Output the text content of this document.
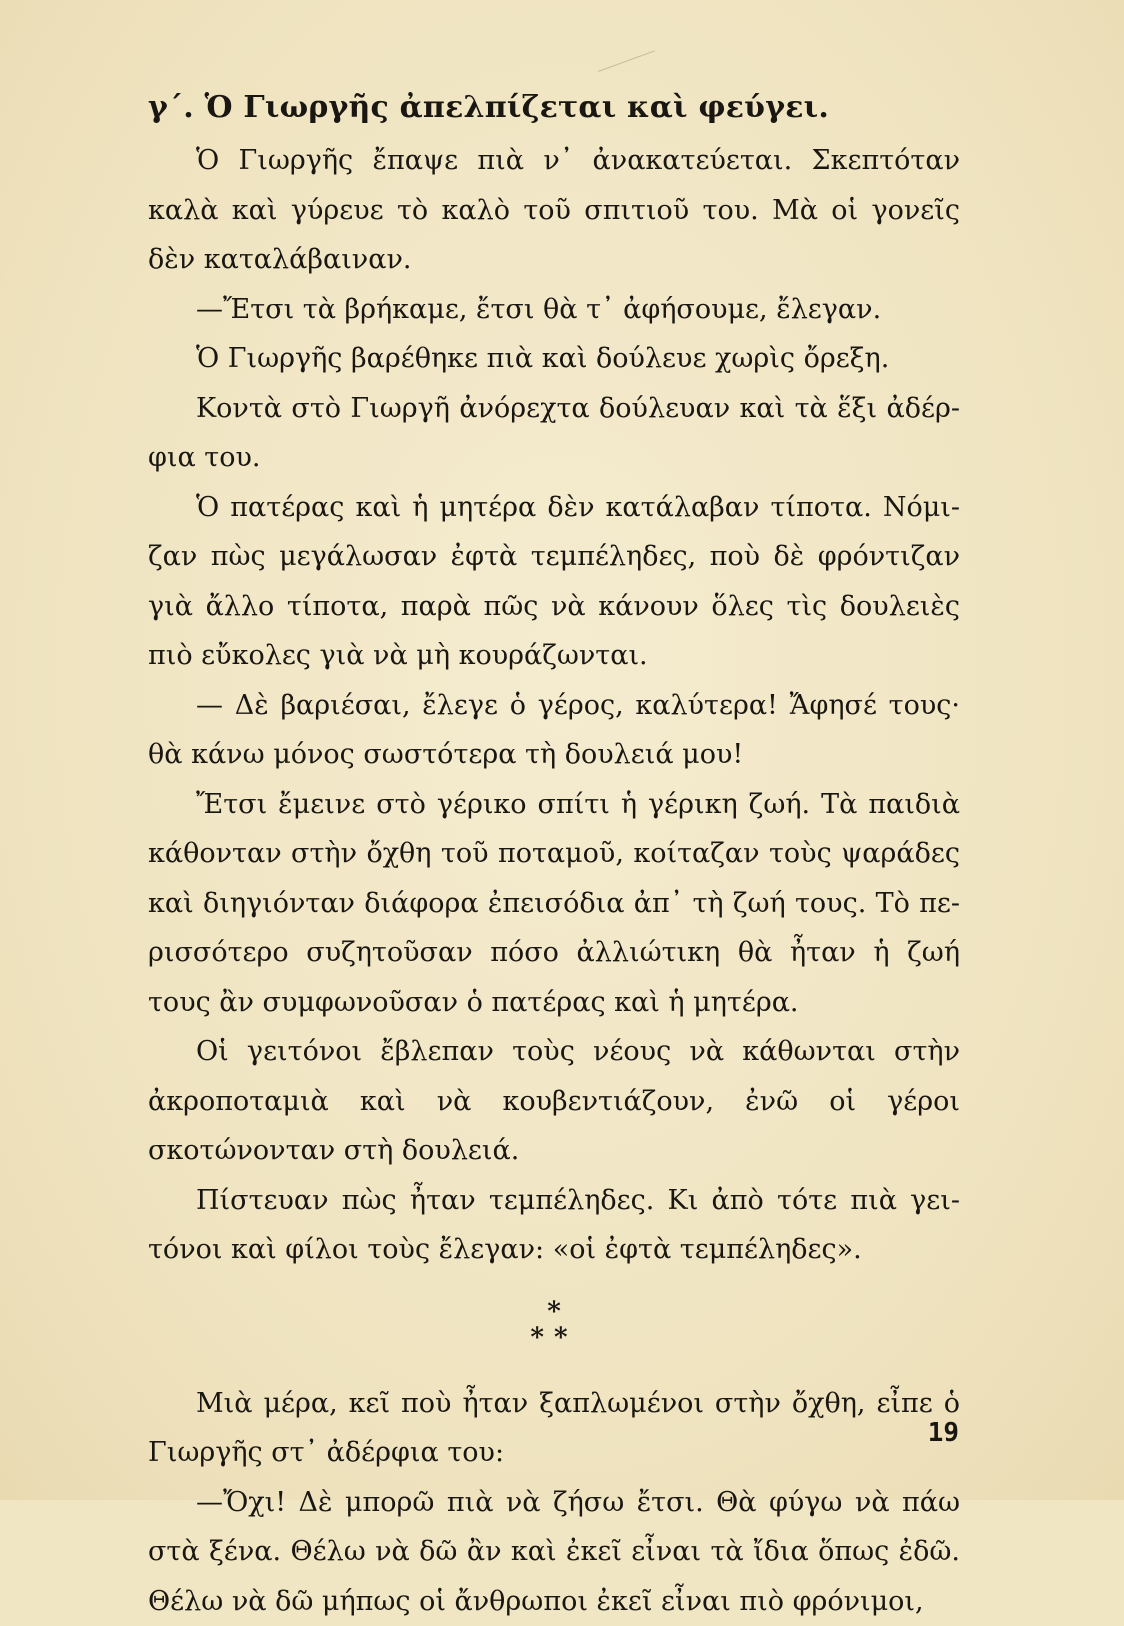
γ΄. Ὁ Γιωργῆς ἀπελπίζεται καὶ φεύγει.

Ὁ Γιωργῆς ἔπαψε πιὰ ν᾿ ἀνακατεύεται. Σκεπτόταν καλὰ καὶ γύρευε τὸ καλὸ τοῦ σπιτιοῦ του. Μὰ οἱ γονεῖς δὲν καταλάβαιναν.

—Ἔτσι τὰ βρήκαμε, ἔτσι θὰ τ᾿ ἀφήσουμε, ἔλεγαν.

Ὁ Γιωργῆς βαρέθηκε πιὰ καὶ δούλευε χωρὶς ὄρεξη.

Κοντὰ στὸ Γιωργῆ ἀνόρεχτα δούλευαν καὶ τὰ ἕξι ἀδέρφια του.

Ὁ πατέρας καὶ ἡ μητέρα δὲν κατάλαβαν τίποτα. Νόμιζαν πὼς μεγάλωσαν ἐφτὰ τεμπέληδες, ποὺ δὲ φρόντιζαν γιὰ ἄλλο τίποτα, παρὰ πῶς νὰ κάνουν ὅλες τὶς δουλειὲς πιὸ εὔκολες γιὰ νὰ μὴ κουράζωνται.

— Δὲ βαριέσαι, ἔλεγε ὁ γέρος, καλύτερα! Ἄφησέ τους· θὰ κάνω μόνος σωστότερα τὴ δουλειά μου!

Ἔτσι ἔμεινε στὸ γέρικο σπίτι ἡ γέρικη ζωή. Τὰ παιδιὰ κάθονταν στὴν ὄχθη τοῦ ποταμοῦ, κοίταζαν τοὺς ψαράδες καὶ διηγιόνταν διάφορα ἐπεισόδια ἀπ᾿ τὴ ζωή τους. Τὸ περισσότερο συζητοῦσαν πόσο ἀλλιώτικη θὰ ἦταν ἡ ζωή τους ἂν συμφωνοῦσαν ὁ πατέρας καὶ ἡ μητέρα.

Οἱ γειτόνοι ἔβλεπαν τοὺς νέους νὰ κάθωνται στὴν ἀκροποταμιὰ καὶ νὰ κουβεντιάζουν, ἐνῶ οἱ γέροι σκοτώνονταν στὴ δουλειά.

Πίστευαν πὼς ἦταν τεμπέληδες. Κι ἀπὸ τότε πιὰ γειτόνοι καὶ φίλοι τοὺς ἔλεγαν: «οἱ ἐφτὰ τεμπέληδες».

*
**

Μιὰ μέρα, κεῖ ποὺ ἦταν ξαπλωμένοι στὴν ὄχθη, εἶπε ὁ Γιωργῆς στ᾿ ἀδέρφια του:

—Ὄχι! Δὲ μπορῶ πιὰ νὰ ζήσω ἔτσι. Θὰ φύγω νὰ πάω στὰ ξένα. Θέλω νὰ δῶ ἂν καὶ ἐκεῖ εἶναι τὰ ἴδια ὅπως ἐδῶ. Θέλω νὰ δῶ μήπως οἱ ἄνθρωποι ἐκεῖ εἶναι πιὸ φρόνιμοι,

19
